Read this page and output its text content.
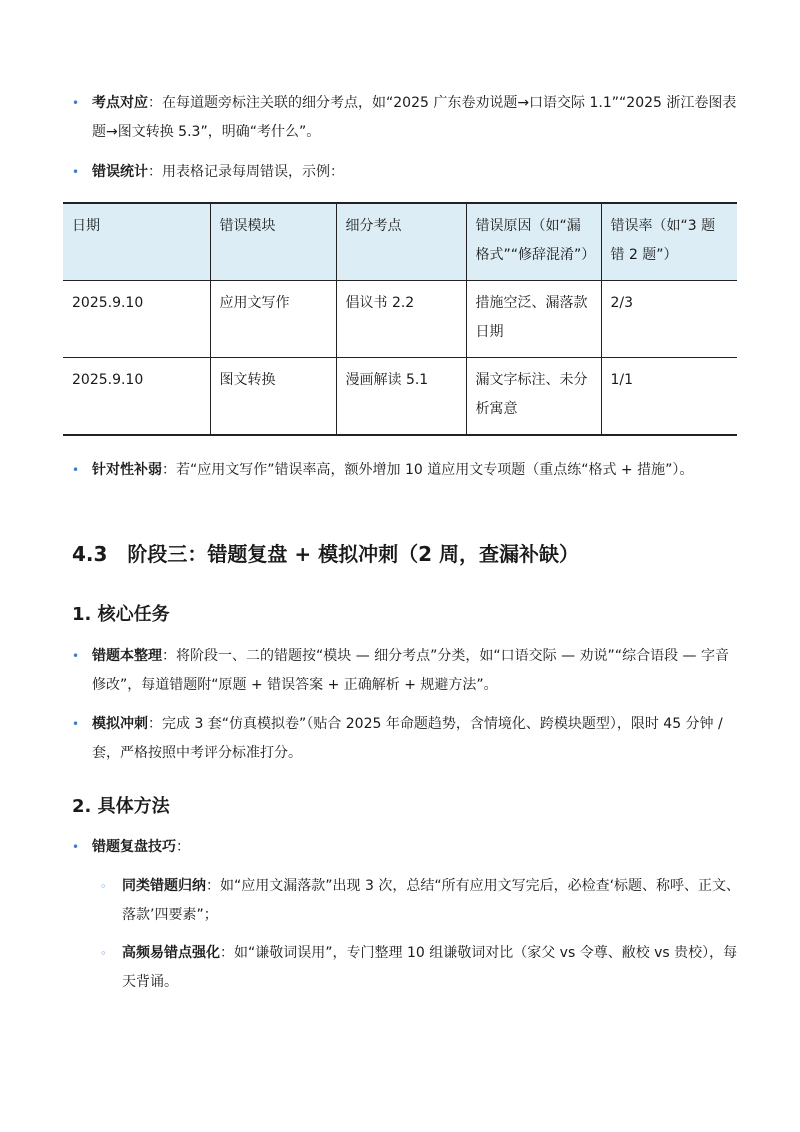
• 考点对应：在每道题旁标注关联的细分考点，如“2025 广东卷劝说题→口语交际 1.1”“2025 浙江卷图表题→图文转换 5.3”，明确“考什么”。
• 错误统计：用表格记录每周错误，示例：
日期	错误模块	细分考点	错误原因（如“漏格式”“修辞混淆”）	错误率（如“3 题错 2 题”）
2025.9.10	应用文写作	倡议书 2.2	措施空泛、漏落款日期	2/3
2025.9.10	图文转换	漫画解读 5.1	漏文字标注、未分析寓意	1/1
• 针对性补弱：若“应用文写作”错误率高，额外增加 10 道应用文专项题（重点练“格式 + 措施”）。
4.3　阶段三：错题复盘 + 模拟冲刺（2 周，查漏补缺）
1. 核心任务
• 错题本整理：将阶段一、二的错题按“模块 — 细分考点”分类，如“口语交际 — 劝说”“综合语段 — 字音修改”，每道错题附“原题 + 错误答案 + 正确解析 + 规避方法”。
• 模拟冲刺：完成 3 套“仿真模拟卷”（贴合 2025 年命题趋势，含情境化、跨模块题型），限时 45 分钟 / 套，严格按照中考评分标准打分。
2. 具体方法
• 错题复盘技巧：
◦ 同类错题归纳：如“应用文漏落款”出现 3 次，总结“所有应用文写完后，必检查‘标题、称呼、正文、落款’四要素”；
◦ 高频易错点强化：如“谦敬词误用”，专门整理 10 组谦敬词对比（家父 vs 令尊、敝校 vs 贵校），每天背诵。
